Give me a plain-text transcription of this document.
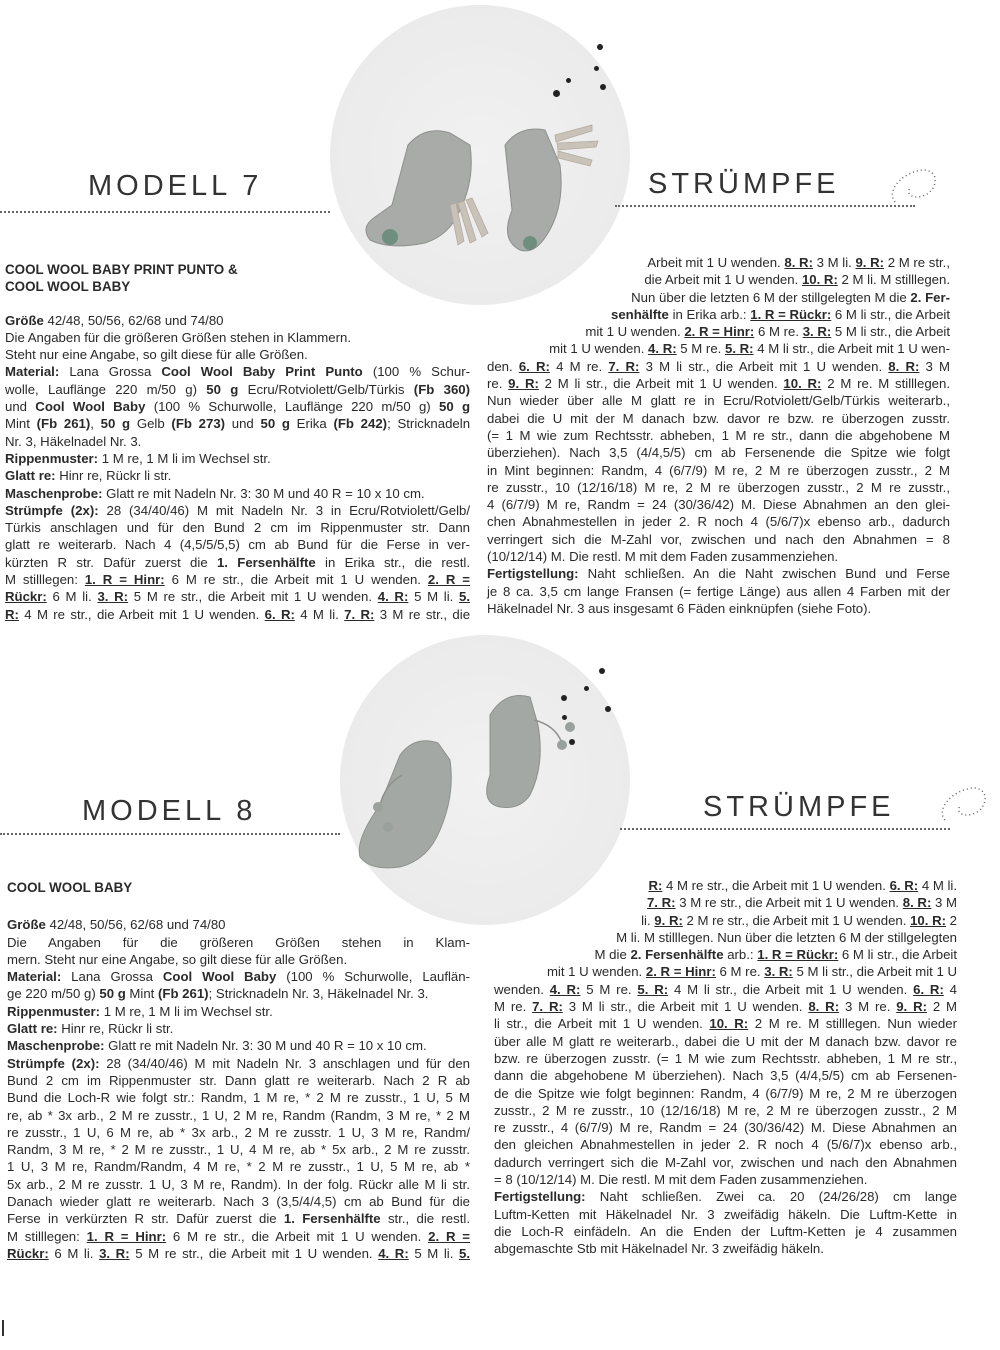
MODELL 7	STRÜMPFE

COOL WOOL BABY PRINT PUNTO &

COOL WOOL BABY

Größe 42/48, 50/56, 62/68 und 74/80

Die Angaben für die größeren Größen stehen in Klammern.

Steht nur eine Angabe, so gilt diese für alle Größen.

Material: Lana Grossa Cool Wool Baby Print Punto (100 % Schur-

wolle, Lauflänge 220 m/50 g) 50 g Ecru/Rotviolett/Gelb/Türkis (Fb 360)

und Cool Wool Baby (100 % Schurwolle, Lauflänge 220 m/50 g) 50 g

Mint (Fb 261), 50 g Gelb (Fb 273) und 50 g Erika (Fb 242); Stricknadeln

Nr. 3, Häkelnadel Nr. 3.

Rippenmuster: 1 M re, 1 M li im Wechsel str.

Glatt re: Hinr re, Rückr li str.

Maschenprobe: Glatt re mit Nadeln Nr. 3: 30 M und 40 R = 10 x 10 cm.

Strümpfe (2x): 28 (34/40/46) M mit Nadeln Nr. 3 in Ecru/Rotviolett/Gelb/

Türkis anschlagen und für den Bund 2 cm im Rippenmuster str. Dann

glatt re weiterarb. Nach 4 (4,5/5/5,5) cm ab Bund für die Ferse in ver-

kürzten R str. Dafür zuerst die 1. Fersenhälfte in Erika str., die restl.

M stilllegen: 1. R = Hinr: 6 M re str., die Arbeit mit 1 U wenden. 2. R =

Rückr: 6 M li. 3. R: 5 M re str., die Arbeit mit 1 U wenden. 4. R: 5 M li. 5.

R: 4 M re str., die Arbeit mit 1 U wenden. 6. R: 4 M li. 7. R: 3 M re str., die

Arbeit mit 1 U wenden. 8. R: 3 M li. 9. R: 2 M re str.,

die Arbeit mit 1 U wenden. 10. R: 2 M li. M stilllegen.

Nun über die letzten 6 M der stillgelegten M die 2. Fer-

senhälfte in Erika arb.: 1. R = Rückr: 6 M li str., die Arbeit

mit 1 U wenden. 2. R = Hinr: 6 M re. 3. R: 5 M li str., die Arbeit

mit 1 U wenden. 4. R: 5 M re. 5. R: 4 M li str., die Arbeit mit 1 U wen-

den. 6. R: 4 M re. 7. R: 3 M li str., die Arbeit mit 1 U wenden. 8. R: 3 M

re. 9. R: 2 M li str., die Arbeit mit 1 U wenden. 10. R: 2 M re. M stilllegen.

Nun wieder über alle M glatt re in Ecru/Rotviolett/Gelb/Türkis weiterarb.,

dabei die U mit der M danach bzw. davor re bzw. re überzogen zusstr.

(= 1 M wie zum Rechtsstr. abheben, 1 M re str., dann die abgehobene M

überziehen). Nach 3,5 (4/4,5/5) cm ab Fersenende die Spitze wie folgt

in Mint beginnen: Randm, 4 (6/7/9) M re, 2 M re überzogen zusstr., 2 M

re zusstr., 10 (12/16/18) M re, 2 M re überzogen zusstr., 2 M re zusstr.,

4 (6/7/9) M re, Randm = 24 (30/36/42) M. Diese Abnahmen an den glei-

chen Abnahmestellen in jeder 2. R noch 4 (5/6/7)x ebenso arb., dadurch

verringert sich die M-Zahl vor, zwischen und nach den Abnahmen = 8

(10/12/14) M. Die restl. M mit dem Faden zusammenziehen.

Fertigstellung: Naht schließen. An die Naht zwischen Bund und Ferse

je 8 ca. 3,5 cm lange Fransen (= fertige Länge) aus allen 4 Farben mit der

Häkelnadel Nr. 3 aus insgesamt 6 Fäden einknüpfen (siehe Foto).

MODELL 8	STRÜMPFE

COOL WOOL BABY

Größe 42/48, 50/56, 62/68 und 74/80

Die Angaben für die größeren Größen stehen in Klam-

mern. Steht nur eine Angabe, so gilt diese für alle Größen.

Material: Lana Grossa Cool Wool Baby (100 % Schurwolle, Lauflän-

ge 220 m/50 g) 50 g Mint (Fb 261); Stricknadeln Nr. 3, Häkelnadel Nr. 3.

Rippenmuster: 1 M re, 1 M li im Wechsel str.

Glatt re: Hinr re, Rückr li str.

Maschenprobe: Glatt re mit Nadeln Nr. 3: 30 M und 40 R = 10 x 10 cm.

Strümpfe (2x): 28 (34/40/46) M mit Nadeln Nr. 3 anschlagen und für den

Bund 2 cm im Rippenmuster str. Dann glatt re weiterarb. Nach 2 R ab

Bund die Loch-R wie folgt str.: Randm, 1 M re, * 2 M re zusstr., 1 U, 5 M

re, ab * 3x arb., 2 M re zusstr., 1 U, 2 M re, Randm (Randm, 3 M re, * 2 M

re zusstr., 1 U, 6 M re, ab * 3x arb., 2 M re zusstr. 1 U, 3 M re, Randm/

Randm, 3 M re, * 2 M re zusstr., 1 U, 4 M re, ab * 5x arb., 2 M re zusstr.

1 U, 3 M re, Randm/Randm, 4 M re, * 2 M re zusstr., 1 U, 5 M re, ab *

5x arb., 2 M re zusstr. 1 U, 3 M re, Randm). In der folg. Rückr alle M li str.

Danach wieder glatt re weiterarb. Nach 3 (3,5/4/4,5) cm ab Bund für die

Ferse in verkürzten R str. Dafür zuerst die 1. Fersenhälfte str., die restl.

M stilllegen: 1. R = Hinr: 6 M re str., die Arbeit mit 1 U wenden. 2. R =

Rückr: 6 M li. 3. R: 5 M re str., die Arbeit mit 1 U wenden. 4. R: 5 M li. 5.

R: 4 M re str., die Arbeit mit 1 U wenden. 6. R: 4 M li.

7. R: 3 M re str., die Arbeit mit 1 U wenden. 8. R: 3 M

li. 9. R: 2 M re str., die Arbeit mit 1 U wenden. 10. R: 2

M li. M stilllegen. Nun über die letzten 6 M der stillgelegten

M die 2. Fersenhälfte arb.: 1. R = Rückr: 6 M li str., die Arbeit

mit 1 U wenden. 2. R = Hinr: 6 M re. 3. R: 5 M li str., die Arbeit mit 1 U

wenden. 4. R: 5 M re. 5. R: 4 M li str., die Arbeit mit 1 U wenden. 6. R: 4

M re. 7. R: 3 M li str., die Arbeit mit 1 U wenden. 8. R: 3 M re. 9. R: 2 M

li str., die Arbeit mit 1 U wenden. 10. R: 2 M re. M stilllegen. Nun wieder

über alle M glatt re weiterarb., dabei die U mit der M danach bzw. davor re

bzw. re überzogen zusstr. (= 1 M wie zum Rechtsstr. abheben, 1 M re str.,

dann die abgehobene M überziehen). Nach 3,5 (4/4,5/5) cm ab Fersenen-

de die Spitze wie folgt beginnen: Randm, 4 (6/7/9) M re, 2 M re überzogen

zusstr., 2 M re zusstr., 10 (12/16/18) M re, 2 M re überzogen zusstr., 2 M

re zusstr., 4 (6/7/9) M re, Randm = 24 (30/36/42) M. Diese Abnahmen an

den gleichen Abnahmestellen in jeder 2. R noch 4 (5/6/7)x ebenso arb.,

dadurch verringert sich die M-Zahl vor, zwischen und nach den Abnahmen

= 8 (10/12/14) M. Die restl. M mit dem Faden zusammenziehen.

Fertigstellung: Naht schließen. Zwei ca. 20 (24/26/28) cm lange

Luftm-Ketten mit Häkelnadel Nr. 3 zweifädig häkeln. Die Luftm-Kette in

die Loch-R einfädeln. An die Enden der Luftm-Ketten je 4 zusammen

abgemaschte Stb mit Häkelnadel Nr. 3 zweifädig häkeln.
